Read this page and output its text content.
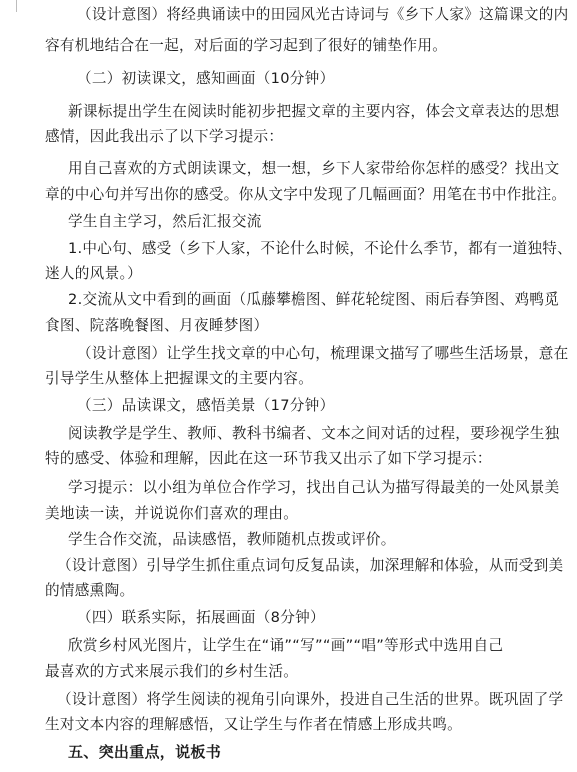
（设计意图）将经典诵读中的田园风光古诗词与《乡下人家》这篇课文的内
容有机地结合在一起，对后面的学习起到了很好的铺垫作用。
（二）初读课文，感知画面（10分钟）
新课标提出学生在阅读时能初步把握文章的主要内容，体会文章表达的思想
感情，因此我出示了以下学习提示：
用自己喜欢的方式朗读课文，想一想，乡下人家带给你怎样的感受？找出文
章的中心句并写出你的感受。你从文字中发现了几幅画面？用笔在书中作批注。
学生自主学习，然后汇报交流
1.中心句、感受（乡下人家，不论什么时候，不论什么季节，都有一道独特、
迷人的风景。）
2.交流从文中看到的画面（瓜藤攀檐图、鲜花轮绽图、雨后春笋图、鸡鸭觅
食图、院落晚餐图、月夜睡梦图）
（设计意图）让学生找文章的中心句，梳理课文描写了哪些生活场景，意在
引导学生从整体上把握课文的主要内容。
（三）品读课文，感悟美景（17分钟）
阅读教学是学生、教师、教科书编者、文本之间对话的过程，要珍视学生独
特的感受、体验和理解，因此在这一环节我又出示了如下学习提示：
学习提示：以小组为单位合作学习，找出自己认为描写得最美的一处风景美
美地读一读，并说说你们喜欢的理由。
学生合作交流，品读感悟，教师随机点拨或评价。
（设计意图）引导学生抓住重点词句反复品读，加深理解和体验，从而受到美
的情感熏陶。
（四）联系实际，拓展画面（8分钟）
欣赏乡村风光图片，让学生在“诵”“写”“画”“唱”等形式中选用自己
最喜欢的方式来展示我们的乡村生活。
（设计意图）将学生阅读的视角引向课外，投进自己生活的世界。既巩固了学
生对文本内容的理解感悟，又让学生与作者在情感上形成共鸣。
五、突出重点，说板书
